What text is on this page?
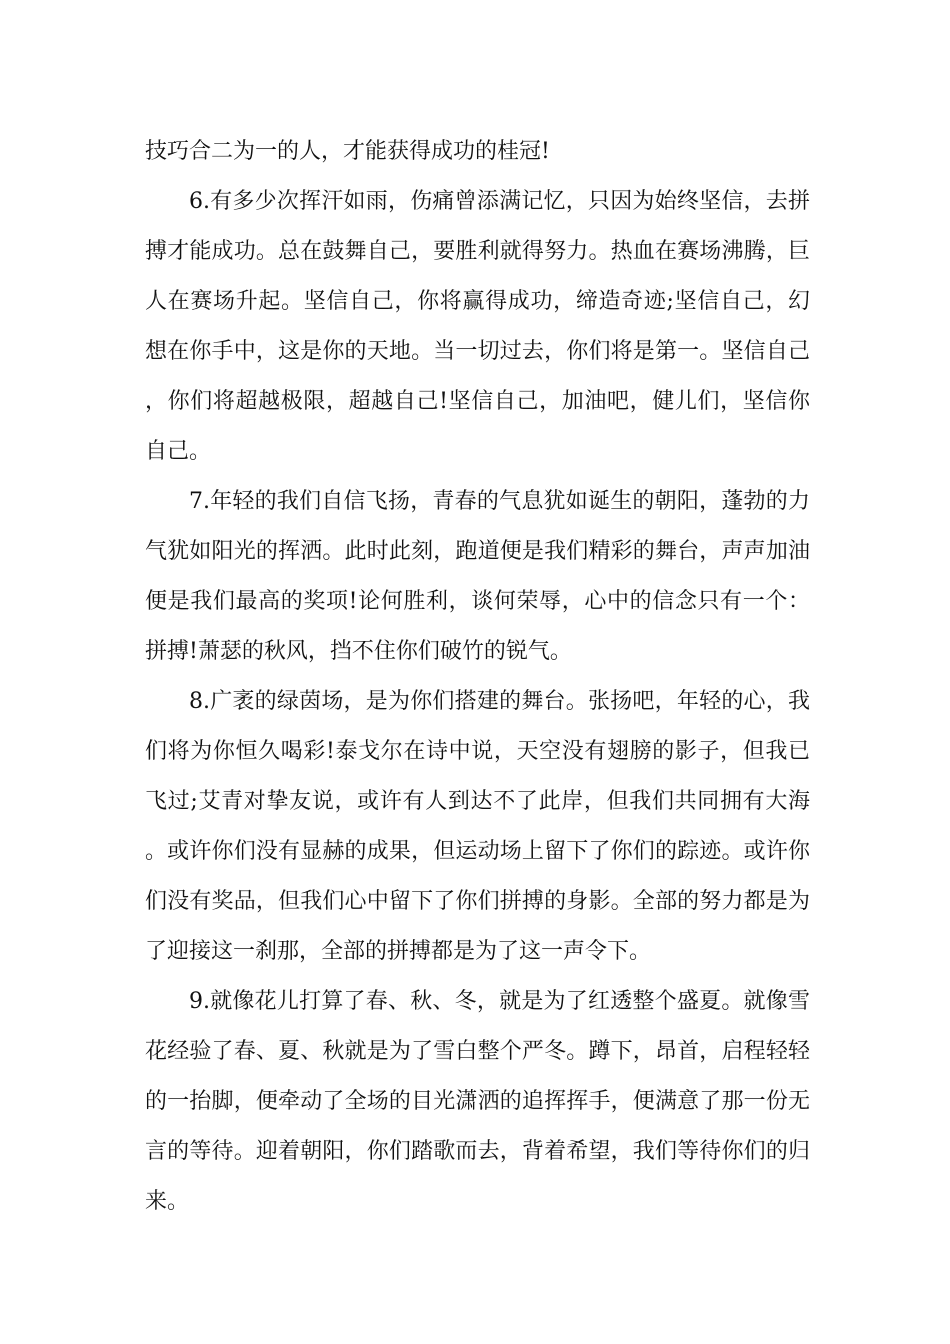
技巧合二为一的人，才能获得成功的桂冠!

6.有多少次挥汗如雨，伤痛曾添满记忆，只因为始终坚信，去拼搏才能成功。总在鼓舞自己，要胜利就得努力。热血在赛场沸腾，巨人在赛场升起。坚信自己，你将赢得成功，缔造奇迹;坚信自己，幻想在你手中，这是你的天地。当一切过去，你们将是第一。坚信自己，你们将超越极限，超越自己!坚信自己，加油吧，健儿们，坚信你自己。

7.年轻的我们自信飞扬，青春的气息犹如诞生的朝阳，蓬勃的力气犹如阳光的挥洒。此时此刻，跑道便是我们精彩的舞台，声声加油便是我们最高的奖项!论何胜利，谈何荣辱，心中的信念只有一个：拼搏!萧瑟的秋风，挡不住你们破竹的锐气。

8.广袤的绿茵场，是为你们搭建的舞台。张扬吧，年轻的心，我们将为你恒久喝彩!泰戈尔在诗中说，天空没有翅膀的影子，但我已飞过;艾青对挚友说，或许有人到达不了此岸，但我们共同拥有大海。或许你们没有显赫的成果，但运动场上留下了你们的踪迹。或许你们没有奖品，但我们心中留下了你们拼搏的身影。全部的努力都是为了迎接这一刹那，全部的拼搏都是为了这一声令下。

9.就像花儿打算了春、秋、冬，就是为了红透整个盛夏。就像雪花经验了春、夏、秋就是为了雪白整个严冬。蹲下，昂首，启程轻轻的一抬脚，便牵动了全场的目光潇洒的追挥挥手，便满意了那一份无言的等待。迎着朝阳，你们踏歌而去，背着希望，我们等待你们的归来。
